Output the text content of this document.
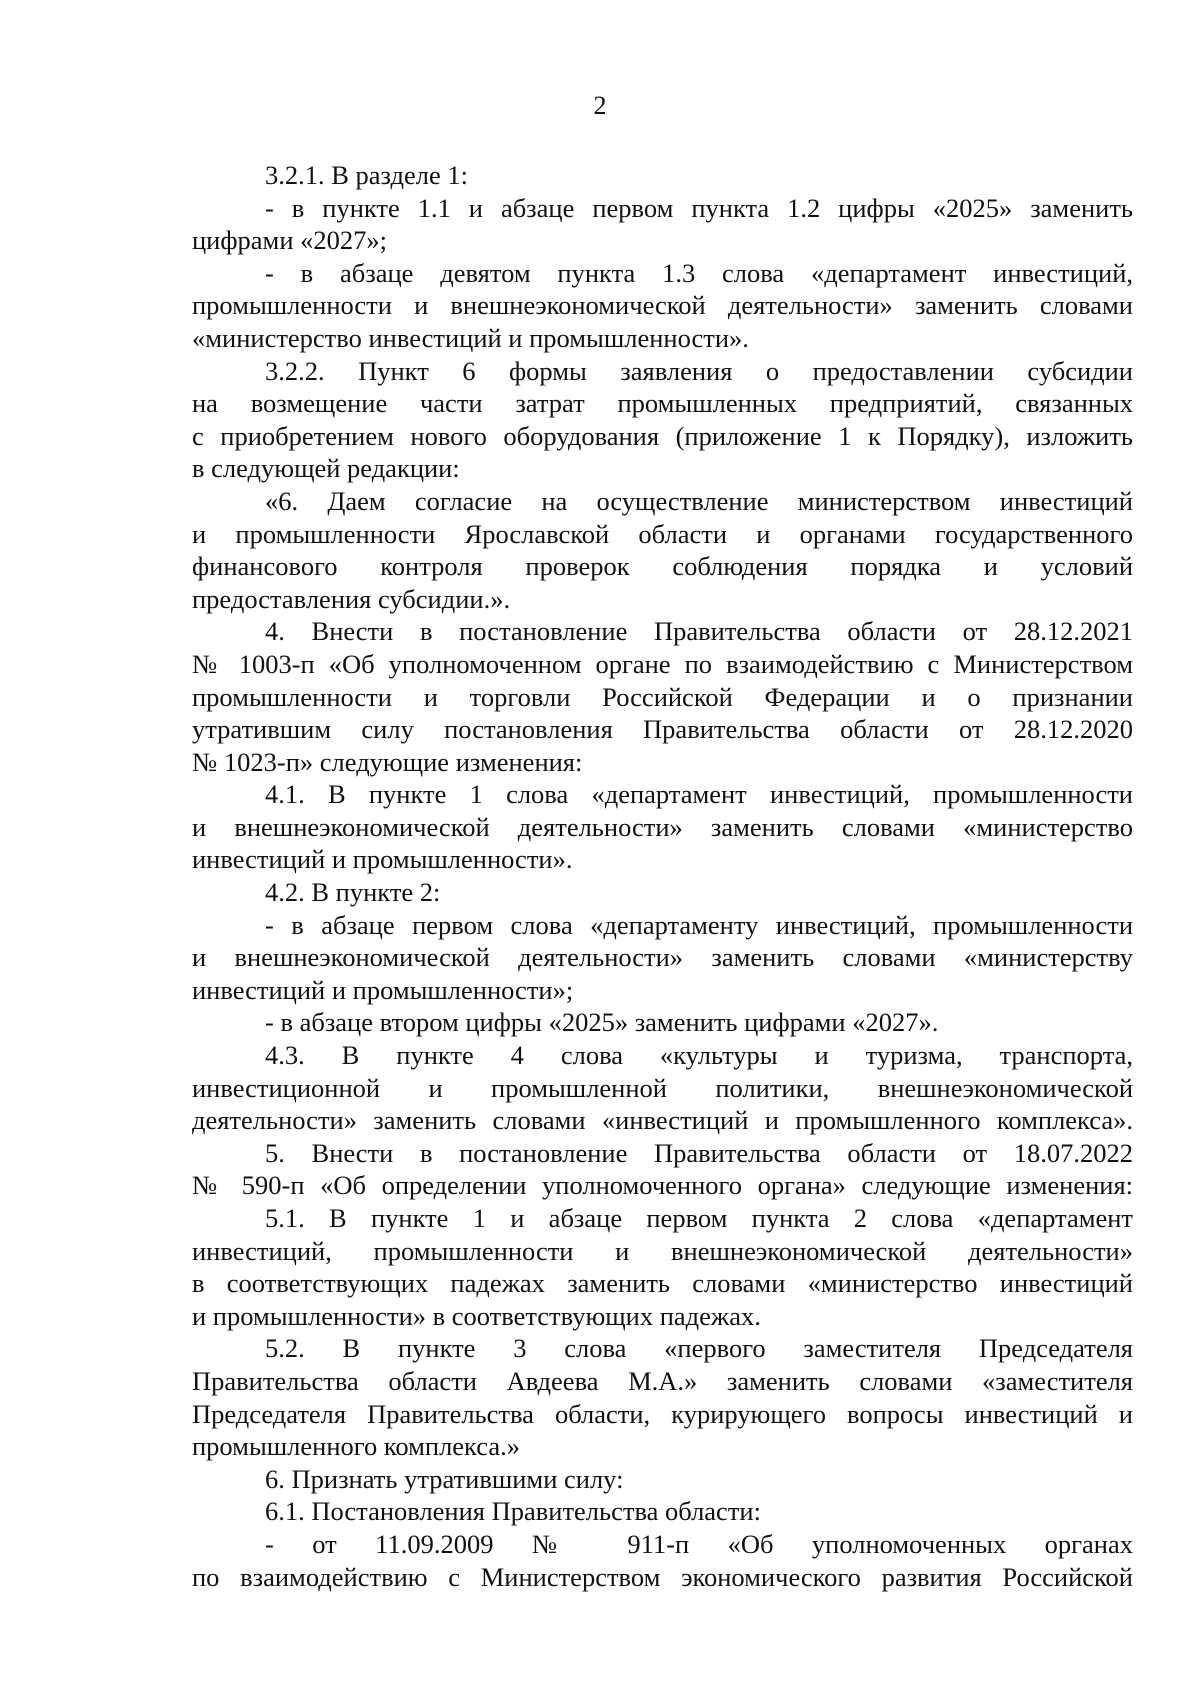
2
3.2.1. В разделе 1:
- в пункте 1.1 и абзаце первом пункта 1.2 цифры «2025» заменить
цифрами «2027»;
- в абзаце девятом пункта 1.3 слова «департамент инвестиций,
промышленности и внешнеэкономической деятельности» заменить словами
«министерство инвестиций и промышленности».
3.2.2. Пункт 6 формы заявления о предоставлении субсидии
на возмещение части затрат промышленных предприятий, связанных
с приобретением нового оборудования (приложение 1 к Порядку), изложить
в следующей редакции:
«6. Даем согласие на осуществление министерством инвестиций
и промышленности Ярославской области и органами государственного
финансового контроля проверок соблюдения порядка и условий
предоставления субсидии.».
4. Внести в постановление Правительства области от 28.12.2021
№ 1003-п «Об уполномоченном органе по взаимодействию с Министерством
промышленности и торговли Российской Федерации и о признании
утратившим силу постановления Правительства области от 28.12.2020
№ 1023-п» следующие изменения:
4.1. В пункте 1 слова «департамент инвестиций, промышленности
и внешнеэкономической деятельности» заменить словами «министерство
инвестиций и промышленности».
4.2. В пункте 2:
- в абзаце первом слова «департаменту инвестиций, промышленности
и внешнеэкономической деятельности» заменить словами «министерству
инвестиций и промышленности»;
- в абзаце втором цифры «2025» заменить цифрами «2027».
4.3. В пункте 4 слова «культуры и туризма, транспорта,
инвестиционной и промышленной политики, внешнеэкономической
деятельности» заменить словами «инвестиций и промышленного комплекса».
5. Внести в постановление Правительства области от 18.07.2022
№ 590-п «Об определении уполномоченного органа» следующие изменения:
5.1. В пункте 1 и абзаце первом пункта 2 слова «департамент
инвестиций, промышленности и внешнеэкономической деятельности»
в соответствующих падежах заменить словами «министерство инвестиций
и промышленности» в соответствующих падежах.
5.2. В пункте 3 слова «первого заместителя Председателя
Правительства области Авдеева М.А.» заменить словами «заместителя
Председателя Правительства области, курирующего вопросы инвестиций и
промышленного комплекса.»
6. Признать утратившими силу:
6.1. Постановления Правительства области:
- от 11.09.2009 № 911-п «Об уполномоченных органах
по взаимодействию с Министерством экономического развития Российской
